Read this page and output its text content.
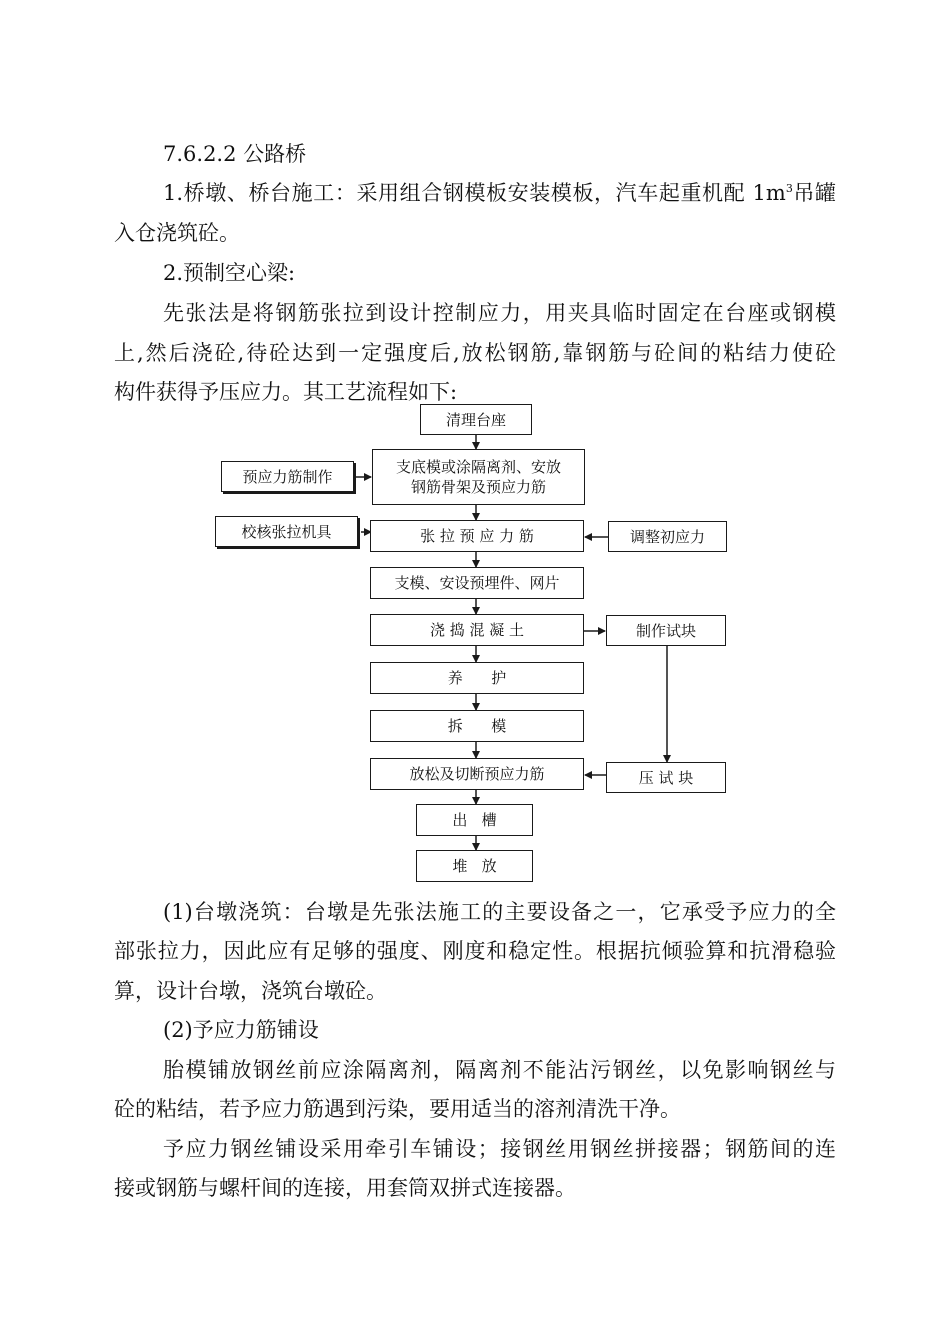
7.6.2.2 公路桥
1.桥墩、桥台施工：采用组合钢模板安装模板，汽车起重机配 $1m^3$吊罐
入仓浇筑砼。
2.预制空心梁:
先张法是将钢筋张拉到设计控制应力，用夹具临时固定在台座或钢模
上,然后浇砼,待砼达到一定强度后,放松钢筋,靠钢筋与砼间的粘结力使砼
构件获得予压应力。其工艺流程如下:
清理台座
支底模或涂隔离剂、安放
钢筋骨架及预应力筋
张 拉 预 应 力 筋
支模、安设预埋件、网片
浇 捣 混 凝 土
养      护
拆      模
放松及切断预应力筋
出   槽
堆   放
预应力筋制作
校核张拉机具	调整初应力
制作试块
压 试 块
(1)台墩浇筑：台墩是先张法施工的主要设备之一，它承受予应力的全
部张拉力，因此应有足够的强度、刚度和稳定性。根据抗倾验算和抗滑稳验
算，设计台墩，浇筑台墩砼。
(2)予应力筋铺设
胎模铺放钢丝前应涂隔离剂，隔离剂不能沾污钢丝，以免影响钢丝与
砼的粘结，若予应力筋遇到污染，要用适当的溶剂清洗干净。
予应力钢丝铺设采用牵引车铺设；接钢丝用钢丝拼接器；钢筋间的连
接或钢筋与螺杆间的连接，用套筒双拼式连接器。
